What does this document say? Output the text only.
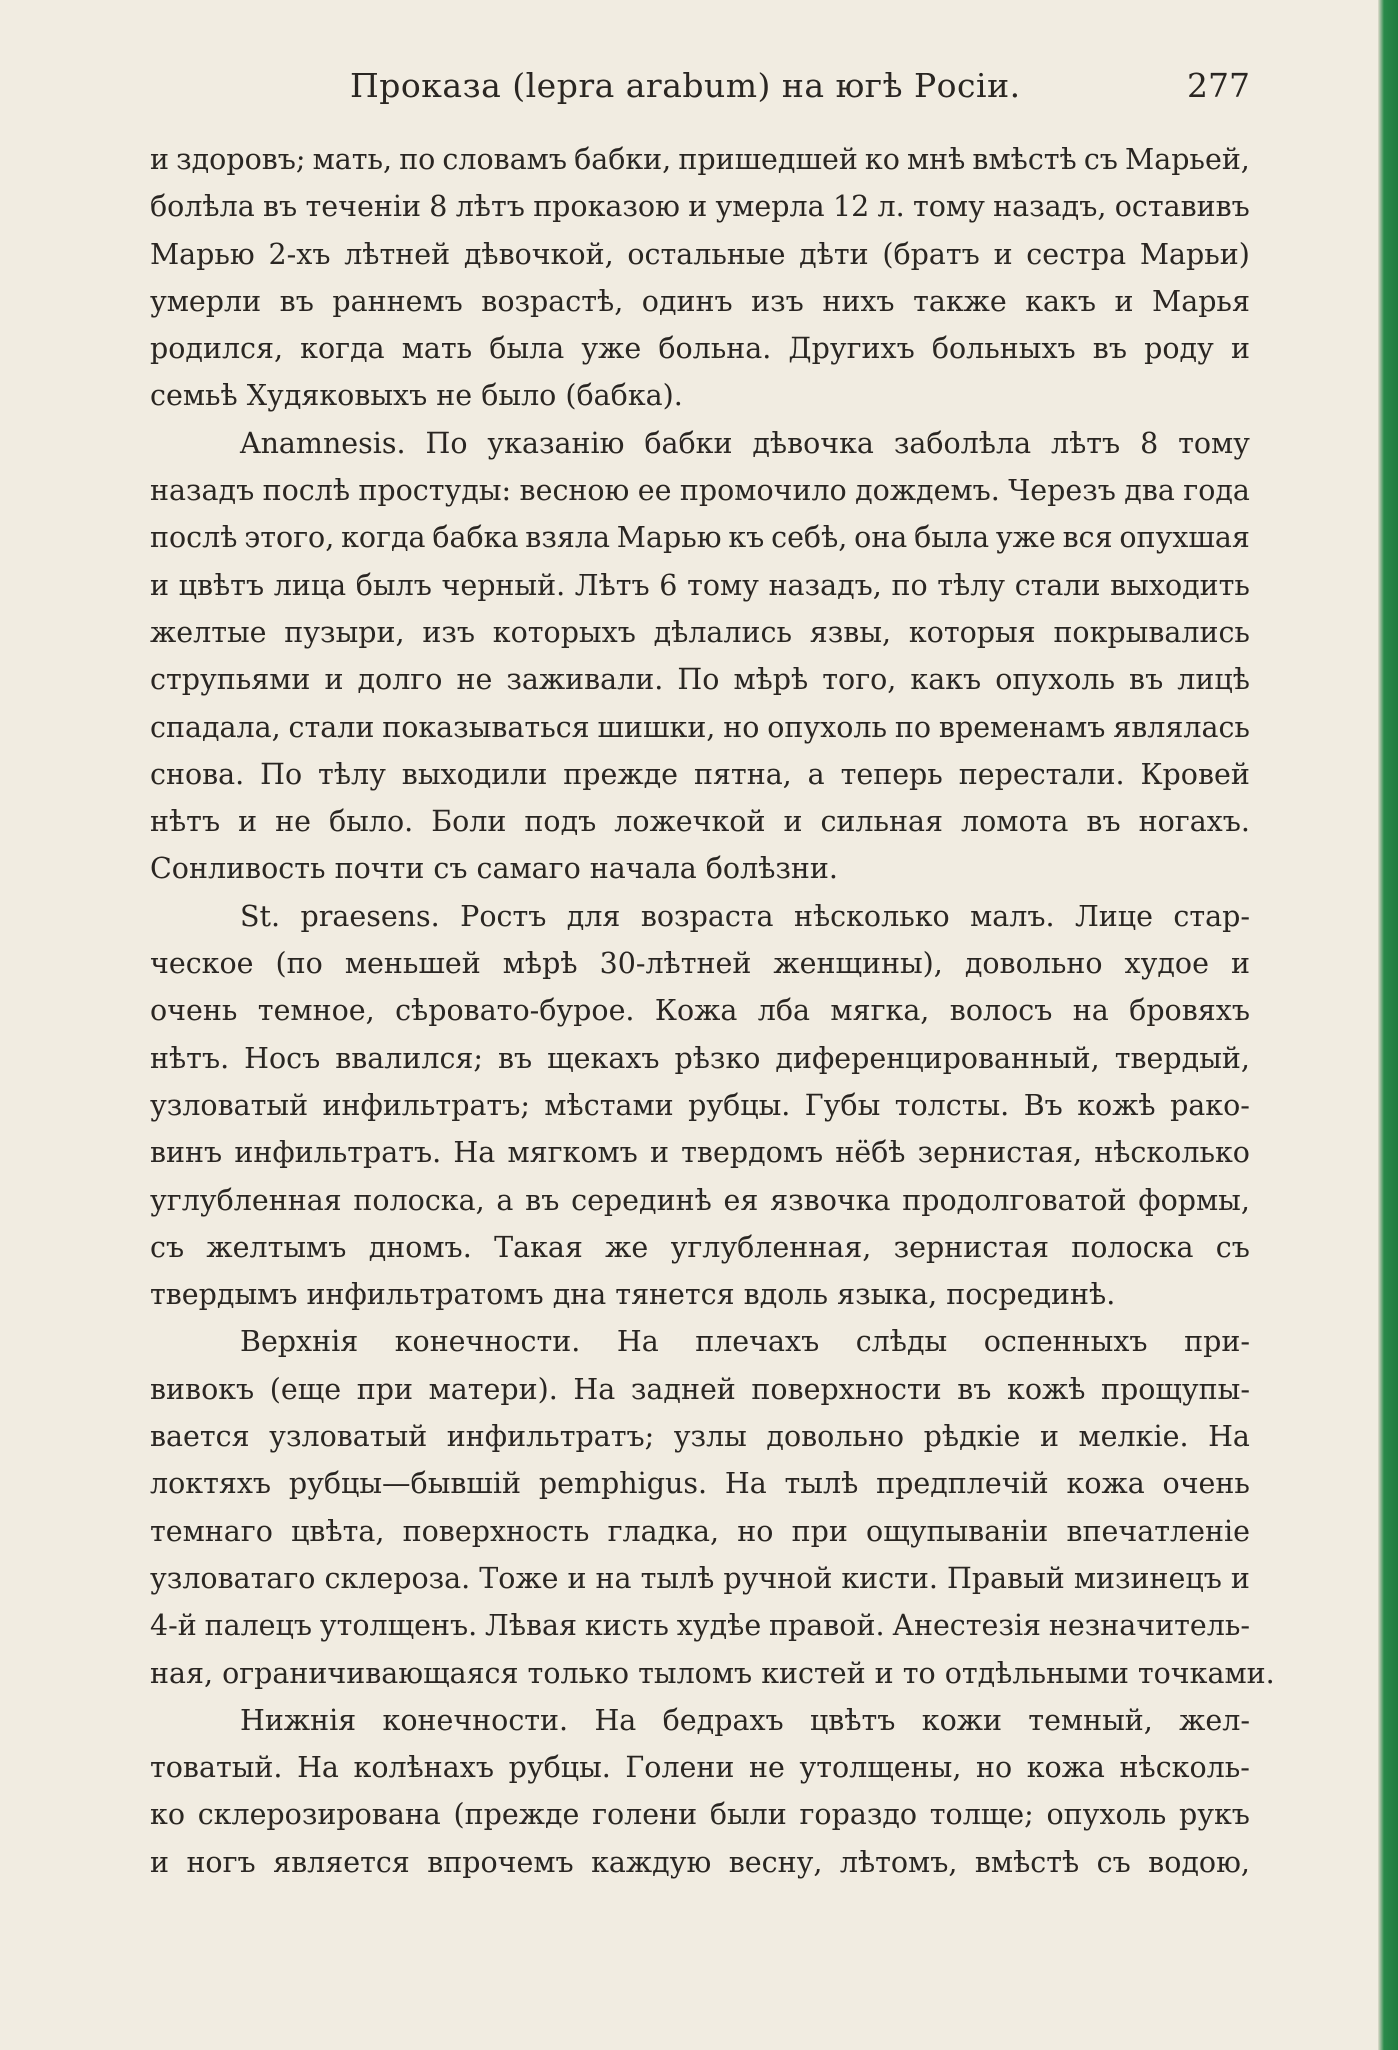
Проказа (lepra arabum) на югѣ Росіи.	277
и здоровъ; мать, по словамъ бабки, пришедшей ко мнѣ вмѣстѣ съ Марьей,
болѣла въ теченіи 8 лѣтъ проказою и умерла 12 л. тому назадъ, оставивъ
Марью 2-хъ лѣтней дѣвочкой, остальные дѣти (братъ и сестра Марьи)
умерли въ раннемъ возрастѣ, одинъ изъ нихъ также какъ и Марья
родился, когда мать была уже больна. Другихъ больныхъ въ роду и
семьѣ Худяковыхъ не было (бабка).
Anamnesis. По указанію бабки дѣвочка заболѣла лѣтъ 8 тому
назадъ послѣ простуды: весною ее промочило дождемъ. Черезъ два года
послѣ этого, когда бабка взяла Марью къ себѣ, она была уже вся опухшая
и цвѣтъ лица былъ черный. Лѣтъ 6 тому назадъ, по тѣлу стали выходить
желтые пузыри, изъ которыхъ дѣлались язвы, которыя покрывались
струпьями и долго не заживали. По мѣрѣ того, какъ опухоль въ лицѣ
спадала, стали показываться шишки, но опухоль по временамъ являлась
снова. По тѣлу выходили прежде пятна, а теперь перестали. Кровей
нѣтъ и не было. Боли подъ ложечкой и сильная ломота въ ногахъ.
Сонливость почти съ самаго начала болѣзни.
St. praesens. Ростъ для возраста нѣсколько малъ. Лице стар-
ческое (по меньшей мѣрѣ 30-лѣтней женщины), довольно худое и
очень темное, сѣровато-бурое. Кожа лба мягка, волосъ на бровяхъ
нѣтъ. Носъ ввалился; въ щекахъ рѣзко диференцированный, твердый,
узловатый инфильтратъ; мѣстами рубцы. Губы толсты. Въ кожѣ рако-
винъ инфильтратъ. На мягкомъ и твердомъ нёбѣ зернистая, нѣсколько
углубленная полоска, а въ серединѣ ея язвочка продолговатой формы,
съ желтымъ дномъ. Такая же углубленная, зернистая полоска съ
твердымъ инфильтратомъ дна тянется вдоль языка, посрединѣ.
Верхнія конечности. На плечахъ слѣды оспенныхъ при-
вивокъ (еще при матери). На задней поверхности въ кожѣ прощупы-
вается узловатый инфильтратъ; узлы довольно рѣдкіе и мелкіе. На
локтяхъ рубцы—бывшій pemphigus. На тылѣ предплечій кожа очень
темнаго цвѣта, поверхность гладка, но при ощупываніи впечатленіе
узловатаго склероза. Тоже и на тылѣ ручной кисти. Правый мизинецъ и
4-й палецъ утолщенъ. Лѣвая кисть худѣе правой. Анестезія незначитель-
ная, ограничивающаяся только тыломъ кистей и то отдѣльными точками.
Нижнія конечности. На бедрахъ цвѣтъ кожи темный, жел-
товатый. На колѣнахъ рубцы. Голени не утолщены, но кожа нѣсколь-
ко склерозирована (прежде голени были гораздо толще; опухоль рукъ
и ногъ является впрочемъ каждую весну, лѣтомъ, вмѣстѣ съ водою,
